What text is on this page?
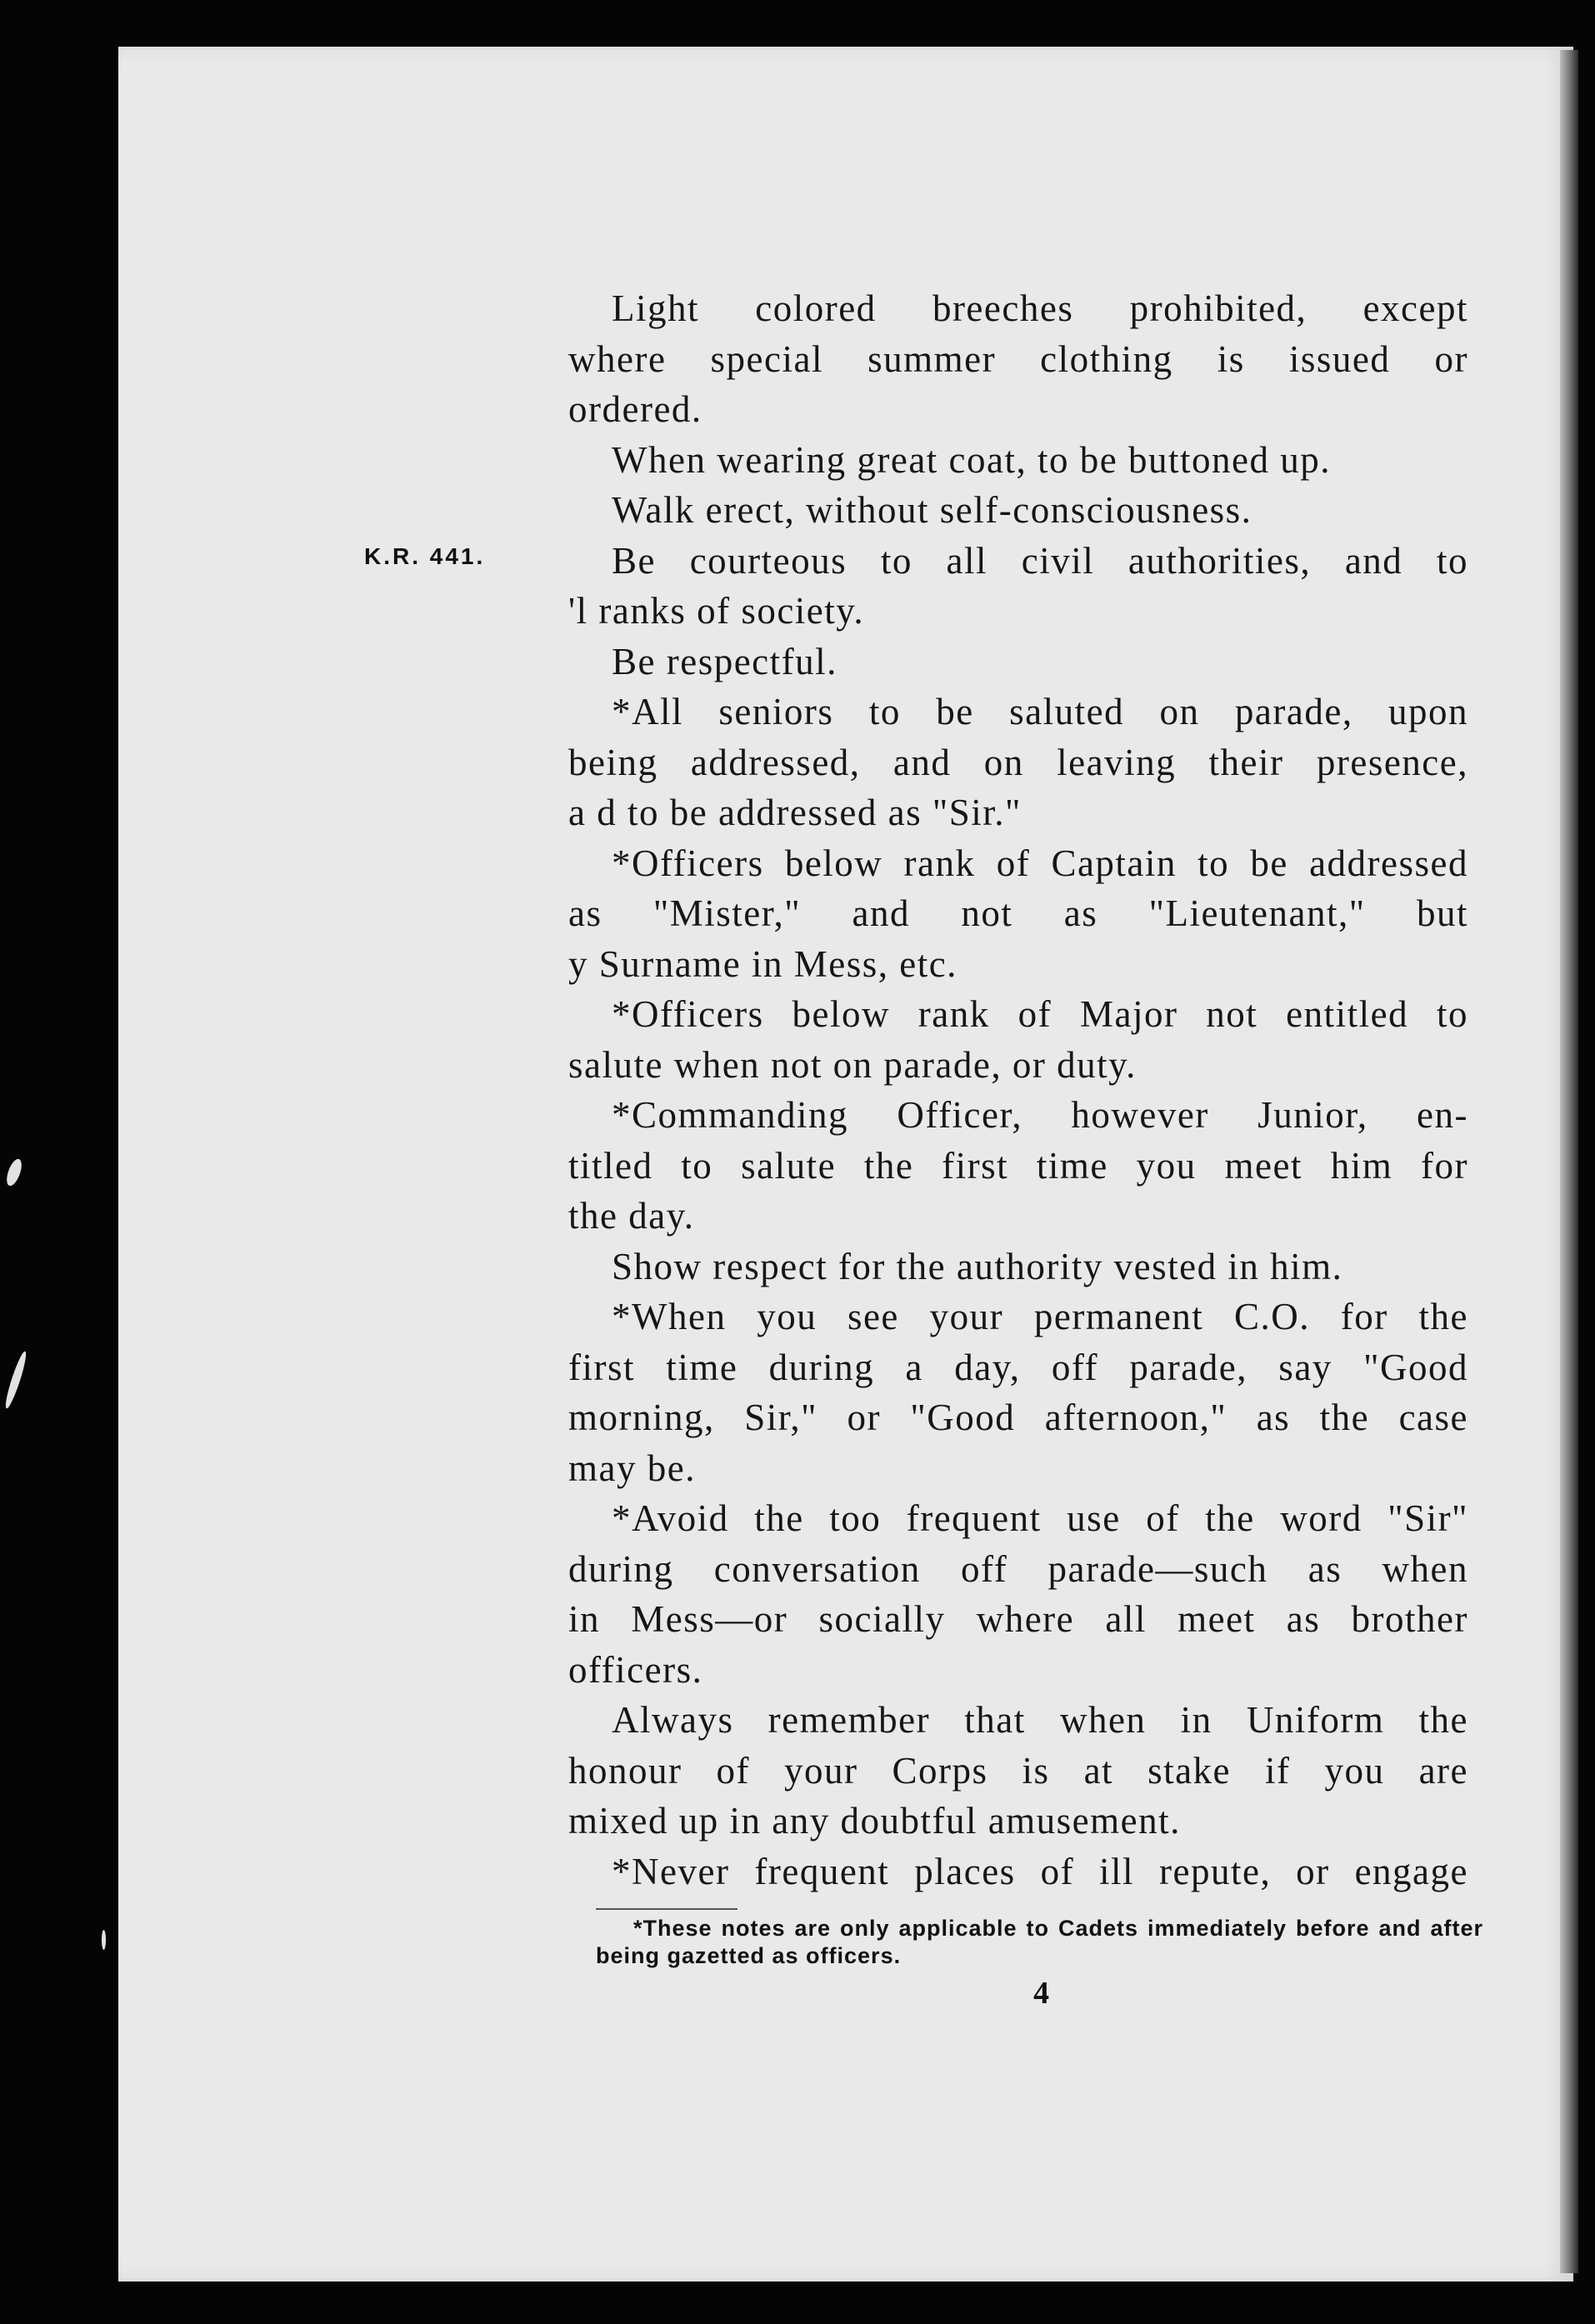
K.R. 441.
Light colored breeches prohibited, except
where special summer clothing is issued or
ordered.
When wearing great coat, to be buttoned up.
Walk erect, without self-consciousness.
Be courteous to all civil authorities, and to
'l ranks of society.
Be respectful.
*All seniors to be saluted on parade, upon
being addressed, and on leaving their presence,
a d to be addressed as "Sir."
*Officers below rank of Captain to be addressed
as "Mister," and not as "Lieutenant," but
y Surname in Mess, etc.
*Officers below rank of Major not entitled to
salute when not on parade, or duty.
*Commanding Officer, however Junior, en-
titled to salute the first time you meet him for
the day.
Show respect for the authority vested in him.
*When you see your permanent C.O. for the
first time during a day, off parade, say "Good
morning, Sir," or "Good afternoon," as the case
may be.
*Avoid the too frequent use of the word "Sir"
during conversation off parade—such as when
in Mess—or socially where all meet as brother
officers.
Always remember that when in Uniform the
honour of your Corps is at stake if you are
mixed up in any doubtful amusement.
*Never frequent places of ill repute, or engage

*These notes are only applicable to Cadets immediately before and after being gazetted as officers.

4
